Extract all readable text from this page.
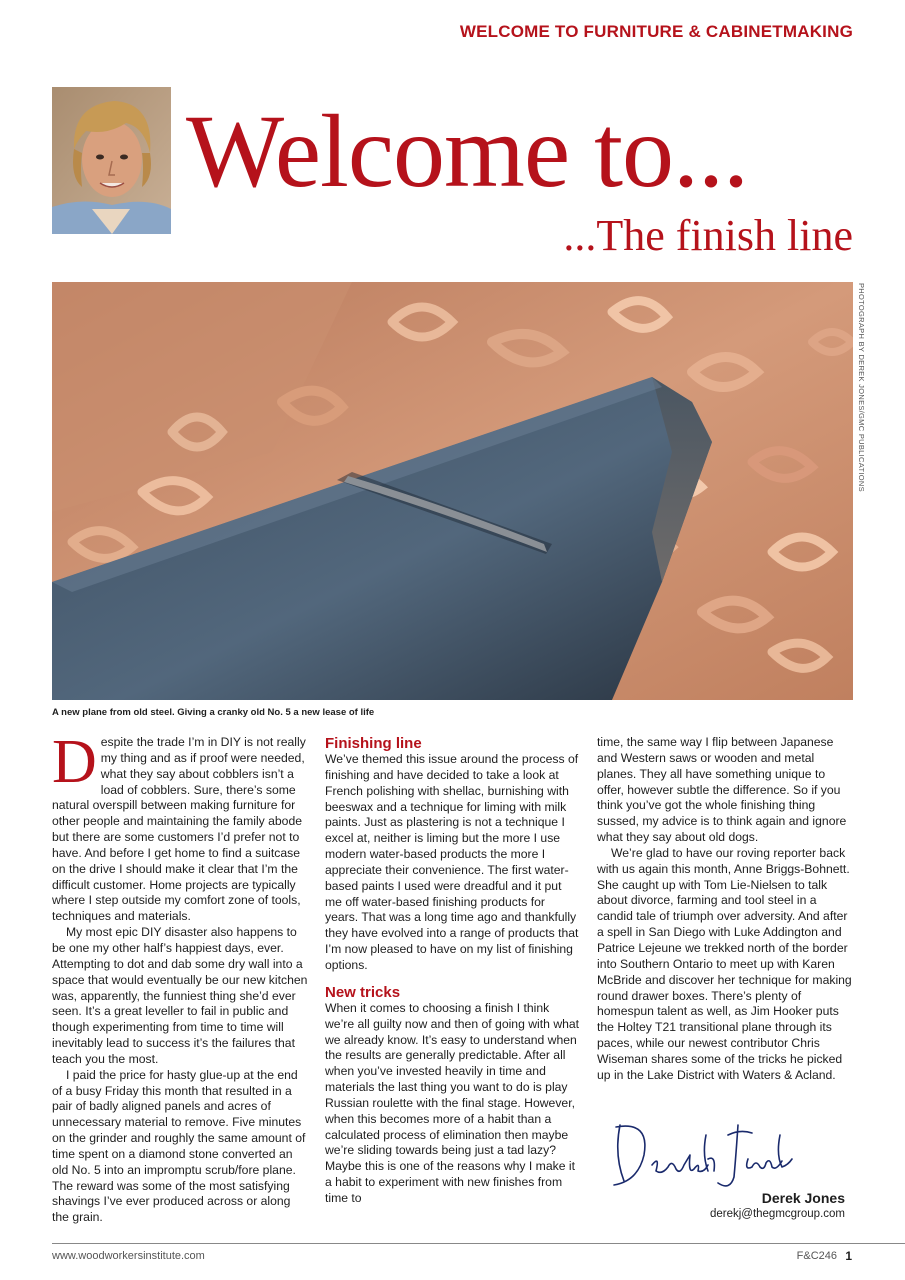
WELCOME TO FURNITURE & CABINETMAKING
Welcome to...
...The finish line
PHOTOGRAPH BY DEREK JONES/GMC PUBLICATIONS
A new plane from old steel. Giving a cranky old No. 5 a new lease of life

Despite the trade I’m in DIY is not really my thing and as if proof were needed, what they say about cobblers isn’t a load of cobblers. Sure, there’s some natural overspill between making furniture for other people and maintaining the family abode but there are some customers I’d prefer not to have. And before I get home to find a suitcase on the drive I should make it clear that I’m the difficult customer. Home projects are typically where I step outside my comfort zone of tools, techniques and materials.

My most epic DIY disaster also happens to be one my other half’s happiest days, ever. Attempting to dot and dab some dry wall into a space that would eventually be our new kitchen was, apparently, the funniest thing she’d ever seen. It’s a great leveller to fail in public and though experimenting from time to time will inevitably lead to success it’s the failures that teach you the most.

I paid the price for hasty glue-up at the end of a busy Friday this month that resulted in a pair of badly aligned panels and acres of unnecessary material to remove. Five minutes on the grinder and roughly the same amount of time spent on a diamond stone converted an old No. 5 into an impromptu scrub/fore plane. The reward was some of the most satisfying shavings I’ve ever produced across or along the grain.

Finishing line

We’ve themed this issue around the process of finishing and have decided to take a look at French polishing with shellac, burnishing with beeswax and a technique for liming with milk paints. Just as plastering is not a technique I excel at, neither is liming but the more I use modern water-based products the more I appreciate their convenience. The first water-based paints I used were dreadful and it put me off water-based finishing products for years. That was a long time ago and thankfully they have evolved into a range of products that I’m now pleased to have on my list of finishing options.

New tricks

When it comes to choosing a finish I think we’re all guilty now and then of going with what we already know. It’s easy to understand when the results are generally predictable. After all when you’ve invested heavily in time and materials the last thing you want to do is play Russian roulette with the final stage. However, when this becomes more of a habit than a calculated process of elimination then maybe we’re sliding towards being just a tad lazy? Maybe this is one of the reasons why I make it a habit to experiment with new finishes from time to

time, the same way I flip between Japanese and Western saws or wooden and metal planes. They all have something unique to offer, however subtle the difference. So if you think you’ve got the whole finishing thing sussed, my advice is to think again and ignore what they say about old dogs.

We’re glad to have our roving reporter back with us again this month, Anne Briggs-Bohnett. She caught up with Tom Lie-Nielsen to talk about divorce, farming and tool steel in a candid tale of triumph over adversity. And after a spell in San Diego with Luke Addington and Patrice Lejeune we trekked north of the border into Southern Ontario to meet up with Karen McBride and discover her technique for making round drawer boxes. There’s plenty of homespun talent as well, as Jim Hooker puts the Holtey T21 transitional plane through its paces, while our newest contributor Chris Wiseman shares some of the tricks he picked up in the Lake District with Waters & Acland.

Derek Jones
derekj@thegmcgroup.com
www.woodworkersinstitute.com	F&C246 1
